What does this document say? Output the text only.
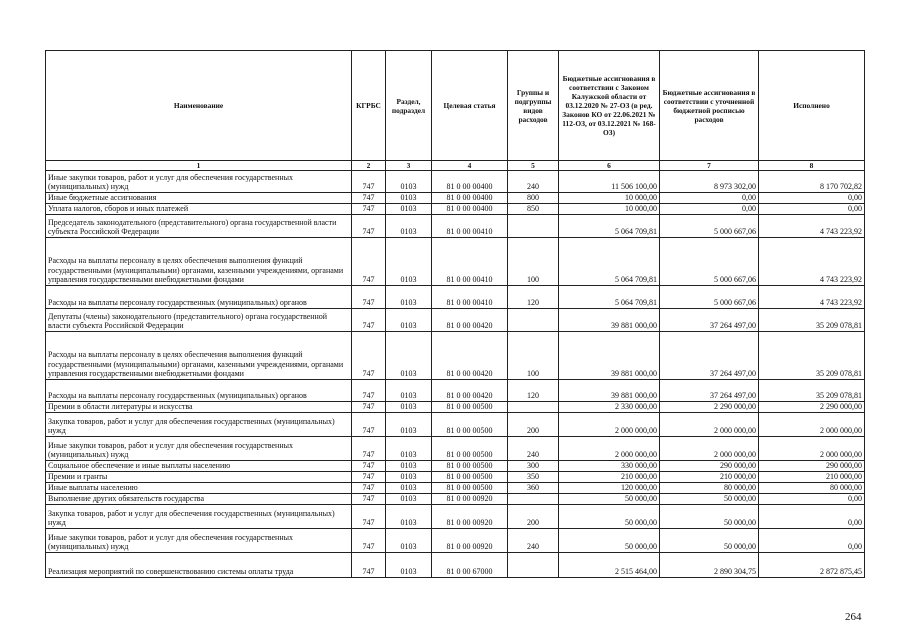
Наименование	КГРБС	Раздел, подраздел	Целевая статья	Группы и подгруппы видов расходов	Бюджетные ассигнования в соответствии с Законом Калужской области от 03.12.2020 № 27-ОЗ (в ред. Законов КО от 22.06.2021 № 112-ОЗ, от 03.12.2021 № 168-ОЗ)	Бюджетные ассигнования в соответствии с уточненной бюджетной росписью расходов	Исполнено
1	2	3	4	5	6	7	8
Иные закупки товаров, работ и услуг для обеспечения государственных (муниципальных) нужд	747	0103	81 0 00 00400	240	11 506 100,00	8 973 302,00	8 170 702,82
Иные бюджетные ассигнования	747	0103	81 0 00 00400	800	10 000,00	0,00	0,00
Уплата налогов, сборов и иных платежей	747	0103	81 0 00 00400	850	10 000,00	0,00	0,00
Председатель законодательного (представительного) органа государственной власти субъекта Российской Федерации	747	0103	81 0 00 00410		5 064 709,81	5 000 667,06	4 743 223,92
Расходы на выплаты персоналу в целях обеспечения выполнения функций государственными (муниципальными) органами, казенными учреждениями, органами управления государственными внебюджетными фондами	747	0103	81 0 00 00410	100	5 064 709,81	5 000 667,06	4 743 223,92
Расходы на выплаты персоналу государственных (муниципальных) органов	747	0103	81 0 00 00410	120	5 064 709,81	5 000 667,06	4 743 223,92
Депутаты (члены) законодательного (представительного) органа государственной власти субъекта Российской Федерации	747	0103	81 0 00 00420		39 881 000,00	37 264 497,00	35 209 078,81
Расходы на выплаты персоналу в целях обеспечения выполнения функций государственными (муниципальными) органами, казенными учреждениями, органами управления государственными внебюджетными фондами	747	0103	81 0 00 00420	100	39 881 000,00	37 264 497,00	35 209 078,81
Расходы на выплаты персоналу государственных (муниципальных) органов	747	0103	81 0 00 00420	120	39 881 000,00	37 264 497,00	35 209 078,81
Премии в области литературы и искусства	747	0103	81 0 00 00500		2 330 000,00	2 290 000,00	2 290 000,00
Закупка товаров, работ и услуг для обеспечения государственных (муниципальных) нужд	747	0103	81 0 00 00500	200	2 000 000,00	2 000 000,00	2 000 000,00
Иные закупки товаров, работ и услуг для обеспечения государственных (муниципальных) нужд	747	0103	81 0 00 00500	240	2 000 000,00	2 000 000,00	2 000 000,00
Социальное обеспечение и иные выплаты населению	747	0103	81 0 00 00500	300	330 000,00	290 000,00	290 000,00
Премии и гранты	747	0103	81 0 00 00500	350	210 000,00	210 000,00	210 000,00
Иные выплаты населению	747	0103	81 0 00 00500	360	120 000,00	80 000,00	80 000,00
Выполнение других обязательств государства	747	0103	81 0 00 00920		50 000,00	50 000,00	0,00
Закупка товаров, работ и услуг для обеспечения государственных (муниципальных) нужд	747	0103	81 0 00 00920	200	50 000,00	50 000,00	0,00
Иные закупки товаров, работ и услуг для обеспечения государственных (муниципальных) нужд	747	0103	81 0 00 00920	240	50 000,00	50 000,00	0,00
Реализация мероприятий по совершенствованию системы оплаты труда	747	0103	81 0 00 67000		2 515 464,00	2 890 304,75	2 872 875,45
264
